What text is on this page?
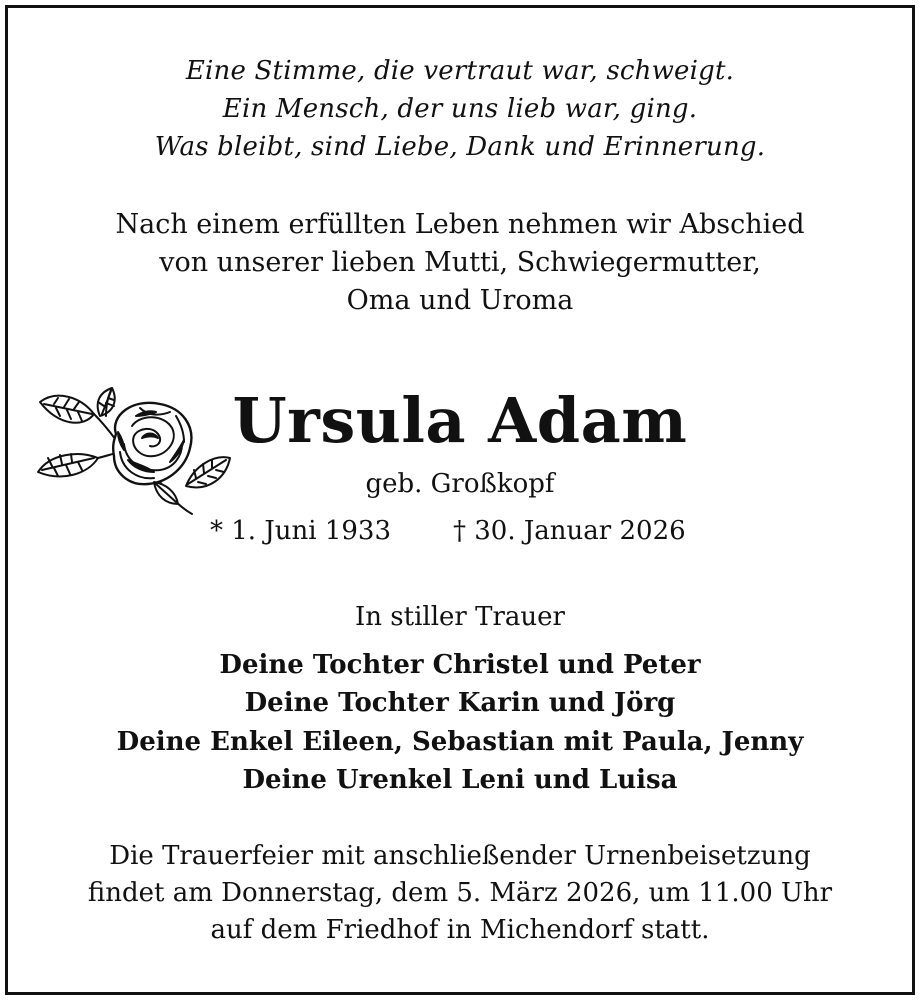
Eine Stimme, die vertraut war, schweigt.
Ein Mensch, der uns lieb war, ging.
Was bleibt, sind Liebe, Dank und Erinnerung.
Nach einem erfüllten Leben nehmen wir Abschied
von unserer lieben Mutti, Schwiegermutter,
Oma und Uroma
Ursula Adam
geb. Großkopf
* 1. Juni 1933 † 30. Januar 2026
In stiller Trauer
Deine Tochter Christel und Peter
Deine Tochter Karin und Jörg
Deine Enkel Eileen, Sebastian mit Paula, Jenny
Deine Urenkel Leni und Luisa
Die Trauerfeier mit anschließender Urnenbeisetzung
findet am Donnerstag, dem 5. März 2026, um 11.00 Uhr
auf dem Friedhof in Michendorf statt.
